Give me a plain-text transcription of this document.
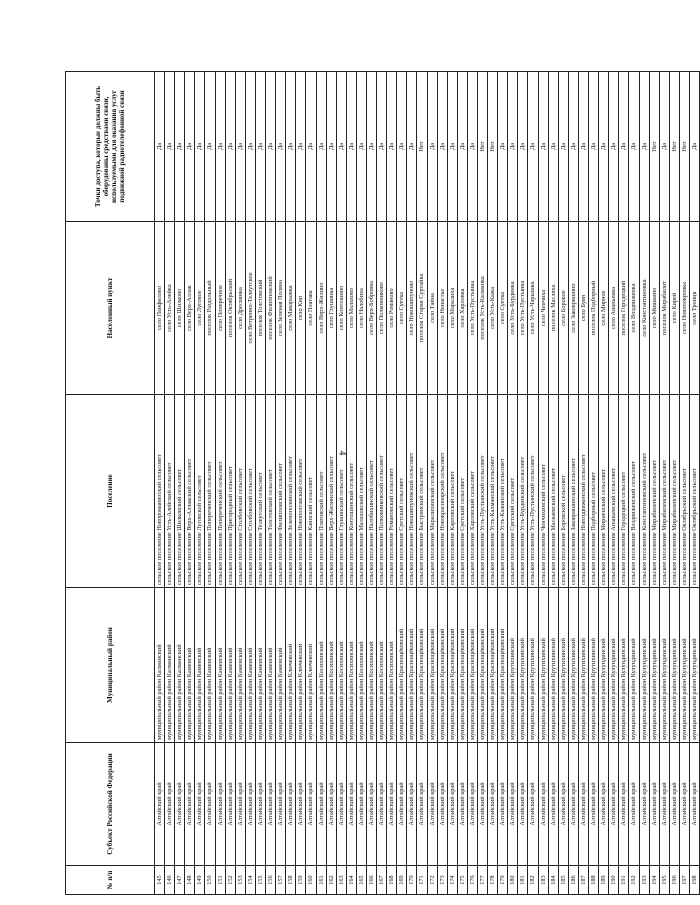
4
№ п/п	Субъект Российской Федерации	Муниципальный район	Поселение	Населенный пункт	Точки доступа, которые должны быть оборудованы средствами связи, используемыми для оказания услуг подвижной радиотелефонной связи
145	Алтайский край	муниципальный район Калманский	сельское поселение Новороманвоский сельсовет	село Панфилово	Да
146	Алтайский край	муниципальный район Калманский	сельское поселение Усть-Алейский сельсовет	село Усть-Алейка	Да
147	Алтайский край	муниципальный район Калманский	сельское поселение Шилковский сельсовет	село Шилково	Да
148	Алтайский край	муниципальный район Каменский	сельское поселение Верх-Аллакский сельсовет	село Верх-Аллак	Да
149	Алтайский край	муниципальный район Каменский	сельское поселение Луговской сельсовет	село Луговое	Да
150	Алтайский край	муниципальный район Каменский	сельское поселение Попереченский сельсовет	поселок Раздольный	Да
151	Алтайский край	муниципальный район Каменский	сельское поселение Попереченский сельсовет	село Поперечное	Да
152	Алтайский край	муниципальный район Каменский	сельское поселение Пригородный сельсовет	поселок Октябрьский	Да
153	Алтайский край	муниципальный район Каменский	сельское поселение Столбовский сельсовет	село Дресвянка	Да
154	Алтайский край	муниципальный район Каменский	сельское поселение Столбовский сельсовет	село Ветренно-Телеутское	Да
155	Алтайский край	муниципальный район Каменский	сельское поселение Телеутский сельсовет	поселок Толстовский	Да
156	Алтайский край	муниципальный район Каменский	сельское поселение Толстовский сельсовет	поселок Филипповский	Да
157	Алтайский край	муниципальный район Каменский	сельское поселение Филипповский сельсовет	село Зеленая Поляна	Да
158	Алтайский край	муниципальный район Ключевский	сельское поселение Зеленополянский сельсовет	село Макарьевка	Да
159	Алтайский край	муниципальный район Ключевский	сельское поселение Новополтавский сельсовет	село Кип	Да
160	Алтайский край	муниципальный район Ключевский	сельское поселение Каипский сельсовет	село Платава	Да
161	Алтайский край	муниципальный район Косихинский	сельское поселение Платовский сельсовет	село Верх-Жилино	Да
162	Алтайский край	муниципальный район Косихинский	сельское поселение Верх-Жилинский сельсовет	село Глушинка	Да
163	Алтайский край	муниципальный район Косихинский	сельское поселение Глушинский сельсовет	село Контошино	Да
164	Алтайский край	муниципальный район Косихинский	сельское поселение Контошинский сельсовет	село Малахово	Да
165	Алтайский край	муниципальный район Косихинский	сельское поселение Малаховский сельсовет	село Налобиха	Да
166	Алтайский край	муниципальный район Косихинский	сельское поселение Налобихинский сельсовет	село Верх-Бобровка	Да
167	Алтайский край	муниципальный район Косихинский	сельское поселение Полковниковский сельсовет	село Полковниково	Да
168	Алтайский край	муниципальный район Косихинский	сельское поселение Романовский сельсовет	село Романово	Да
169	Алтайский край	муниципальный район Краснощёковский	сельское поселение Суетский сельсовет	село Суетка	Да
170	Алтайский край	муниципальный район Краснощёковский	сельское поселение Новошипуновский сельсовет	село Новошипуново	Да
171	Алтайский край	муниципальный район Краснощёковский	сельское поселение Быстрянский сельсовет	поселок Старая Суртайка	Нет
172	Алтайский край	муниципальный район Краснощёковский	сельское поселение Маралихинский сельсовет	село Тайна	Да
173	Алтайский край	муниципальный район Краснощёковский	сельское поселение Новокрасноярский сельсовет	село Ненастье	Да
174	Алтайский край	муниципальный район Краснощёковский	сельское поселение Карповский сельсовет	село Маралиха	Да
175	Алтайский край	муниципальный район Краснощёковский	сельское поселение Суетский сельсовет	село Харловка	Да
176	Алтайский край	муниципальный район Краснощёковский	сельское поселение Харловский сельсовет	село Усть-Пустынка	Да
177	Алтайский край	муниципальный район Краснощёковский	сельское поселение Усть-Пустынский сельсовет	поселок Усть-Калманка	Нет
178	Алтайский край	муниципальный район Краснощёковский	сельское поселение Усть-Калманский сельсовет	село Усть-Кажа	Нет
179	Алтайский край	муниципальный район Краснощёковский	сельское поселение Усть-Кажинский сельсовет	село Суетка	Да
180	Алтайский край	муниципальный район Крутихинский	сельское поселение Суетский сельсовет	село Усть-Бурдинка	Да
181	Алтайский край	муниципальный район Крутихинский	сельское поселение Усть-Бурдинский сельсовет	село Усть-Пустынка	Да
182	Алтайский край	муниципальный район Крутихинский	сельское поселение Усть-Пустынский сельсовет	село Усть-Чарышка	Да
183	Алтайский край	муниципальный район Крутихинский	сельское поселение Чеичихинский сельсовет	село Чеичиха	Да
184	Алтайский край	муниципальный район Крутихинский	сельское поселение Маскаевский сельсовет	поселок Масляха	Да
185	Алтайский край	муниципальный район Крутихинский	сельское поселение Боровской сельсовет	село Боровое	Да
186	Алтайский край	муниципальный район Крутихинский	сельское поселение Заковряшинский сельсовет	село Заковряшино	Да
187	Алтайский край	муниципальный район Крутихинский	сельское поселение Новоздвиженский сельсовет	село Буян	Да
188	Алтайский край	муниципальный район Крутихинский	сельское поселение Подборный сельсовет	поселок Подборный	Да
189	Алтайский край	муниципальный район Кулундинский	сельское поселение Мирненский сельсовет	село Мирное	Да
190	Алтайский край	муниципальный район Кулундинский	сельское поселение Ананьевский сельсовет	село Ананьевка	Да
191	Алтайский край	муниципальный район Кулундинский	сельское поселение Городецкий сельсовет	поселок Городецкий	Да
192	Алтайский край	муниципальный район Кулундинский	сельское поселение Воздвиженский сельсовет	село Воздвиженка	Да
193	Алтайский край	муниципальный район Кулундинский	сельское поселение Константиновский сельсовет	село Константиновка	Да
194	Алтайский край	муниципальный район Кулундинский	сельское поселение Мирабиленский сельсовет	село Мишкино	Нет
195	Алтайский край	муниципальный район Кулундинский	сельское поселение Мирабиленский сельсовет	поселок Мирабилит	Да
196	Алтайский край	муниципальный район Кулундинский	сельское поселение Мирабиленский сельсовет	село Кирей	Нет
197	Алтайский край	муниципальный район Кулундинский	сельское поселение Октябрьский сельсовет	село Новопокровка	Нет
198	Алтайский край	муниципальный район Кулундинский	сельское поселение Октябрьский сельсовет	село Троицк	Да
